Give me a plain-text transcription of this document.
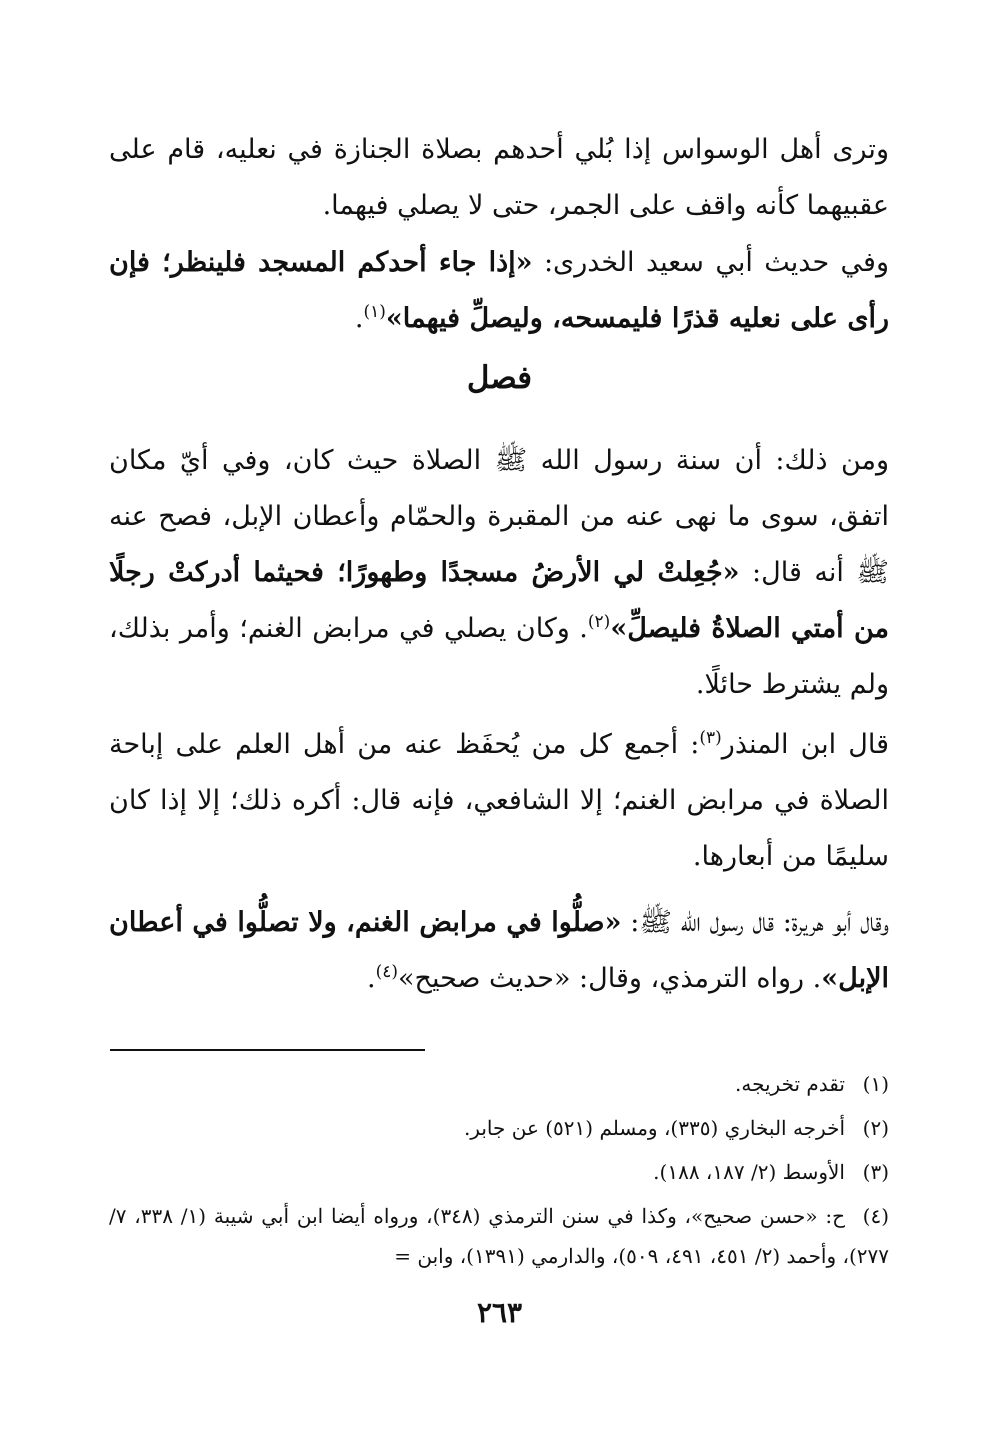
وترى أهل الوسواس إذا بُلي أحدهم بصلاة الجنازة في نعليه، قام على عقبيهما كأنه واقف على الجمر، حتى لا يصلي فيهما.

وفي حديث أبي سعيد الخدرى: «إذا جاء أحدكم المسجد فلينظر؛ فإن رأى على نعليه قذرًا فليمسحه، وليصلِّ فيهما»$^{(١)}$.

فصل

ومن ذلك: أن سنة رسول الله ﷺ الصلاة حيث كان، وفي أيّ مكان اتفق، سوى ما نهى عنه من المقبرة والحمّام وأعطان الإبل، فصح عنه ﷺ أنه قال: «جُعِلتْ لي الأرضُ مسجدًا وطهورًا؛ فحيثما أدركتْ رجلًا من أمتي الصلاةُ فليصلِّ»$^{(٢)}$. وكان يصلي في مرابض الغنم؛ وأمر بذلك، ولم يشترط حائلًا.

قال ابن المنذر$^{(٣)}$: أجمع كل من يُحفَظ عنه من أهل العلم على إباحة الصلاة في مرابض الغنم؛ إلا الشافعي، فإنه قال: أكره ذلك؛ إلا إذا كان سليمًا من أبعارها.

وقال أبو هريرة: قال رسول الله ﷺ: «صلُّوا في مرابض الغنم، ولا تصلُّوا في أعطان الإبل». رواه الترمذي، وقال: «حديث صحيح»$^{(٤)}$.

(١)تقدم تخريجه.

(٢)أخرجه البخاري (٣٣٥)، ومسلم (٥٢١) عن جابر.

(٣)الأوسط (٢/ ١٨٧، ١٨٨).

(٤)ح: «حسن صحيح»، وكذا في سنن الترمذي (٣٤٨)، ورواه أيضا ابن أبي شيبة (١/ ٣٣٨، ٧/ ٢٧٧)، وأحمد (٢/ ٤٥١، ٤٩١، ٥٠٩)، والدارمي (١٣٩١)، وابن =

٢٦٣
